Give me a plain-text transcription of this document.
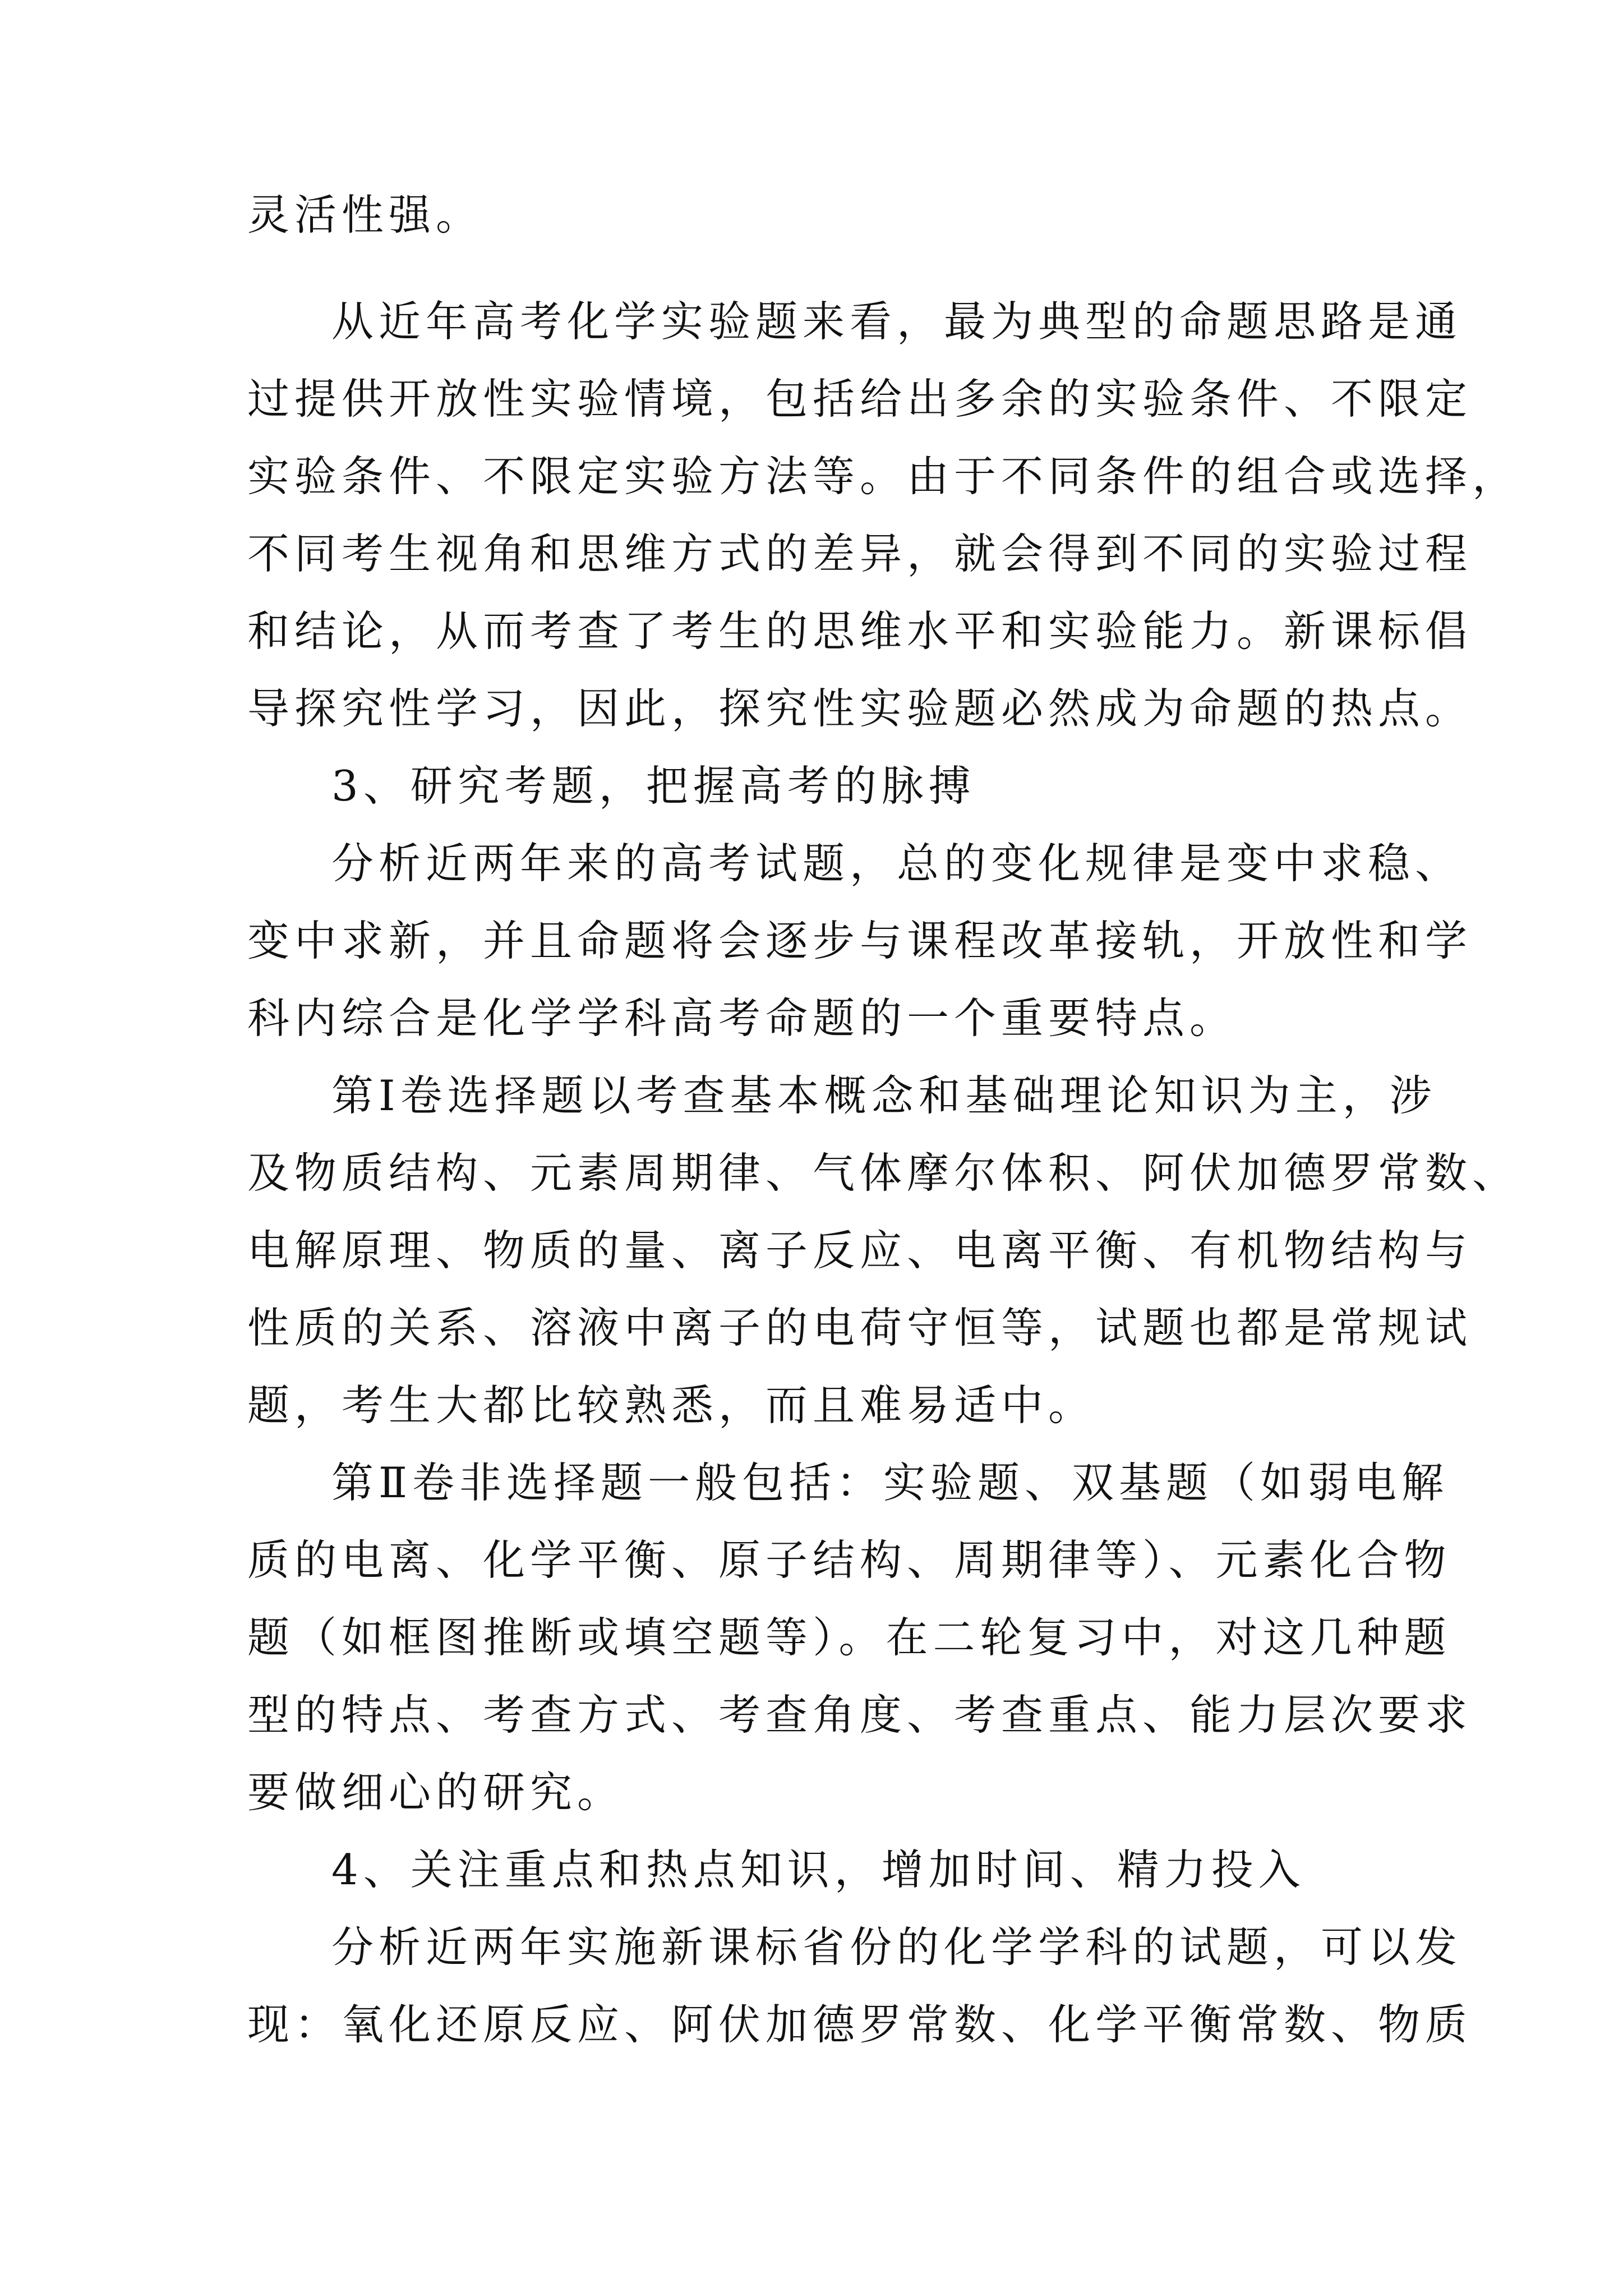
灵活性强。
从近年高考化学实验题来看，最为典型的命题思路是通
过提供开放性实验情境，包括给出多余的实验条件、不限定
实验条件、不限定实验方法等。由于不同条件的组合或选择，
不同考生视角和思维方式的差异，就会得到不同的实验过程
和结论，从而考查了考生的思维水平和实验能力。新课标倡
导探究性学习，因此，探究性实验题必然成为命题的热点。
3、研究考题，把握高考的脉搏
分析近两年来的高考试题，总的变化规律是变中求稳、
变中求新，并且命题将会逐步与课程改革接轨，开放性和学
科内综合是化学学科高考命题的一个重要特点。
第Ⅰ卷选择题以考查基本概念和基础理论知识为主，涉
及物质结构、元素周期律、气体摩尔体积、阿伏加德罗常数、
电解原理、物质的量、离子反应、电离平衡、有机物结构与
性质的关系、溶液中离子的电荷守恒等，试题也都是常规试
题，考生大都比较熟悉，而且难易适中。
第Ⅱ卷非选择题一般包括：实验题、双基题（如弱电解
质的电离、化学平衡、原子结构、周期律等）、元素化合物
题（如框图推断或填空题等）。在二轮复习中，对这几种题
型的特点、考查方式、考查角度、考查重点、能力层次要求
要做细心的研究。
4、关注重点和热点知识，增加时间、精力投入
分析近两年实施新课标省份的化学学科的试题，可以发
现：氧化还原反应、阿伏加德罗常数、化学平衡常数、物质
